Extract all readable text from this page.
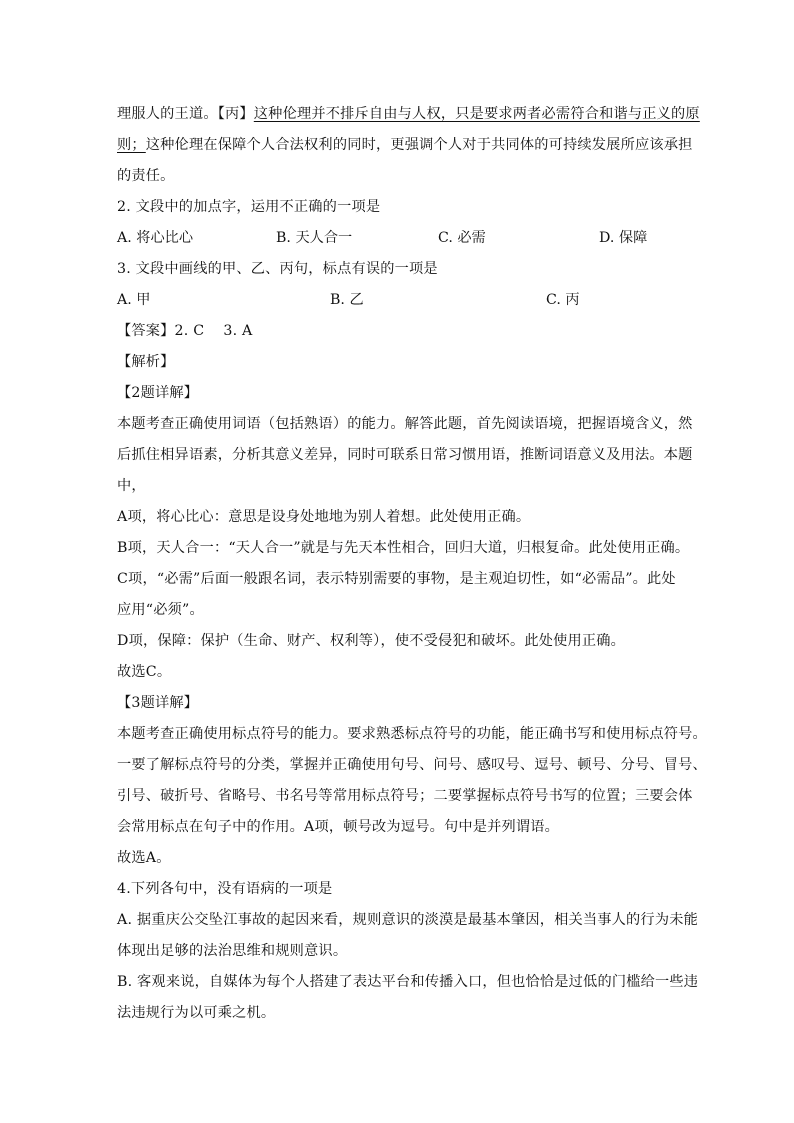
理服人的王道。【丙】这种伦理并不排斥自由与人权，只是要求两者必需符合和谐与正义的原
则；这种伦理在保障个人合法权利的同时，更强调个人对于共同体的可持续发展所应该承担
的责任。
2. 文段中的加点字，运用不正确的一项是
A. 将心比心	B. 天人合一	C. 必需	D. 保障
3. 文段中画线的甲、乙、丙句，标点有误的一项是
A. 甲	B. 乙	C. 丙
【答案】2. C　 3. A
【解析】
【2题详解】
本题考查正确使用词语（包括熟语）的能力。解答此题，首先阅读语境，把握语境含义，然
后抓住相异语素，分析其意义差异，同时可联系日常习惯用语，推断词语意义及用法。本题
中，
A项，将心比心：意思是设身处地地为别人着想。此处使用正确。
B项，天人合一：“天人合一”就是与先天本性相合，回归大道，归根复命。此处使用正确。
C项，“必需”后面一般跟名词，表示特别需要的事物，是主观迫切性，如“必需品”。此处
应用“必须”。
D项，保障：保护（生命、财产、权利等），使不受侵犯和破坏。此处使用正确。
故选C。
【3题详解】
本题考查正确使用标点符号的能力。要求熟悉标点符号的功能，能正确书写和使用标点符号。
一要了解标点符号的分类，掌握并正确使用句号、问号、感叹号、逗号、顿号、分号、冒号、
引号、破折号、省略号、书名号等常用标点符号；二要掌握标点符号书写的位置；三要会体
会常用标点在句子中的作用。A项，顿号改为逗号。句中是并列谓语。
故选A。
4.下列各句中，没有语病的一项是
A. 据重庆公交坠江事故的起因来看，规则意识的淡漠是最基本肇因，相关当事人的行为未能
体现出足够的法治思维和规则意识。
B. 客观来说，自媒体为每个人搭建了表达平台和传播入口，但也恰恰是过低的门槛给一些违
法违规行为以可乘之机。
